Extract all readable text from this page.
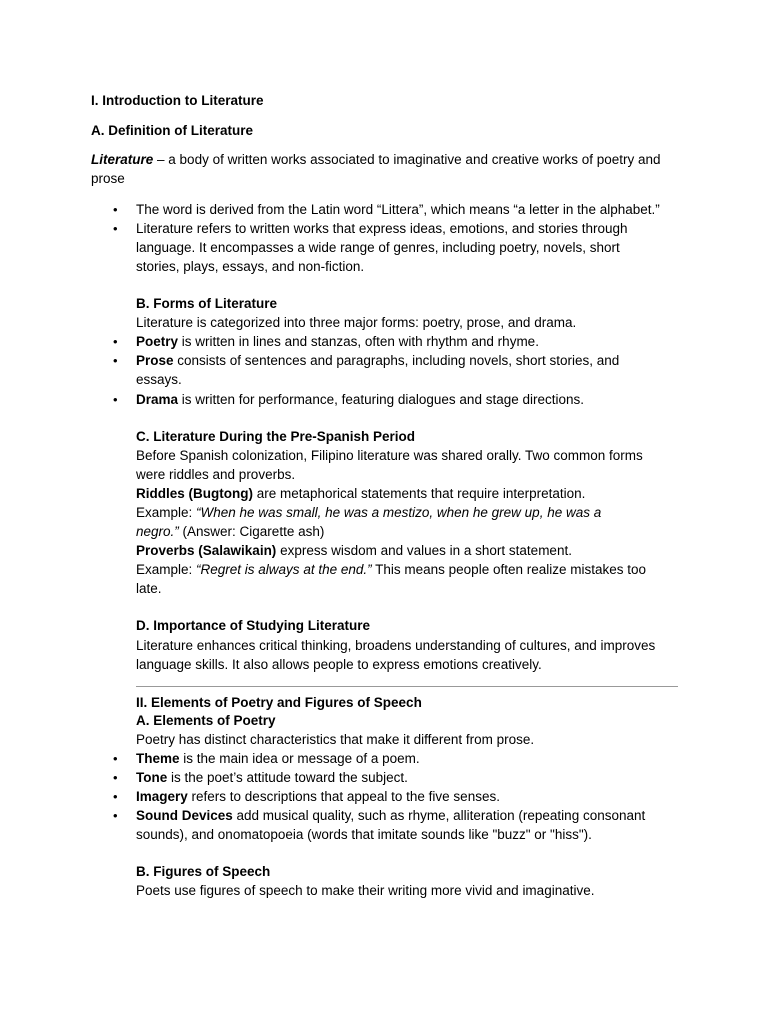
I. Introduction to Literature
A. Definition of Literature
Literature – a body of written works associated to imaginative and creative works of poetry and
prose
•	The word is derived from the Latin word “Littera”, which means “a letter in the alphabet.”
•	Literature refers to written works that express ideas, emotions, and stories through
language. It encompasses a wide range of genres, including poetry, novels, short
stories, plays, essays, and non-fiction.
B. Forms of Literature
Literature is categorized into three major forms: poetry, prose, and drama.
•	Poetry is written in lines and stanzas, often with rhythm and rhyme.
•	Prose consists of sentences and paragraphs, including novels, short stories, and
essays.
•	Drama is written for performance, featuring dialogues and stage directions.
C. Literature During the Pre-Spanish Period
Before Spanish colonization, Filipino literature was shared orally. Two common forms
were riddles and proverbs.
Riddles (Bugtong) are metaphorical statements that require interpretation.
Example: “When he was small, he was a mestizo, when he grew up, he was a
negro.” (Answer: Cigarette ash)
Proverbs (Salawikain) express wisdom and values in a short statement.
Example: “Regret is always at the end.” This means people often realize mistakes too
late.
D. Importance of Studying Literature
Literature enhances critical thinking, broadens understanding of cultures, and improves
language skills. It also allows people to express emotions creatively.
II. Elements of Poetry and Figures of Speech
A. Elements of Poetry
Poetry has distinct characteristics that make it different from prose.
•	Theme is the main idea or message of a poem.
•	Tone is the poet’s attitude toward the subject.
•	Imagery refers to descriptions that appeal to the five senses.
•	Sound Devices add musical quality, such as rhyme, alliteration (repeating consonant
sounds), and onomatopoeia (words that imitate sounds like "buzz" or "hiss").
B. Figures of Speech
Poets use figures of speech to make their writing more vivid and imaginative.
